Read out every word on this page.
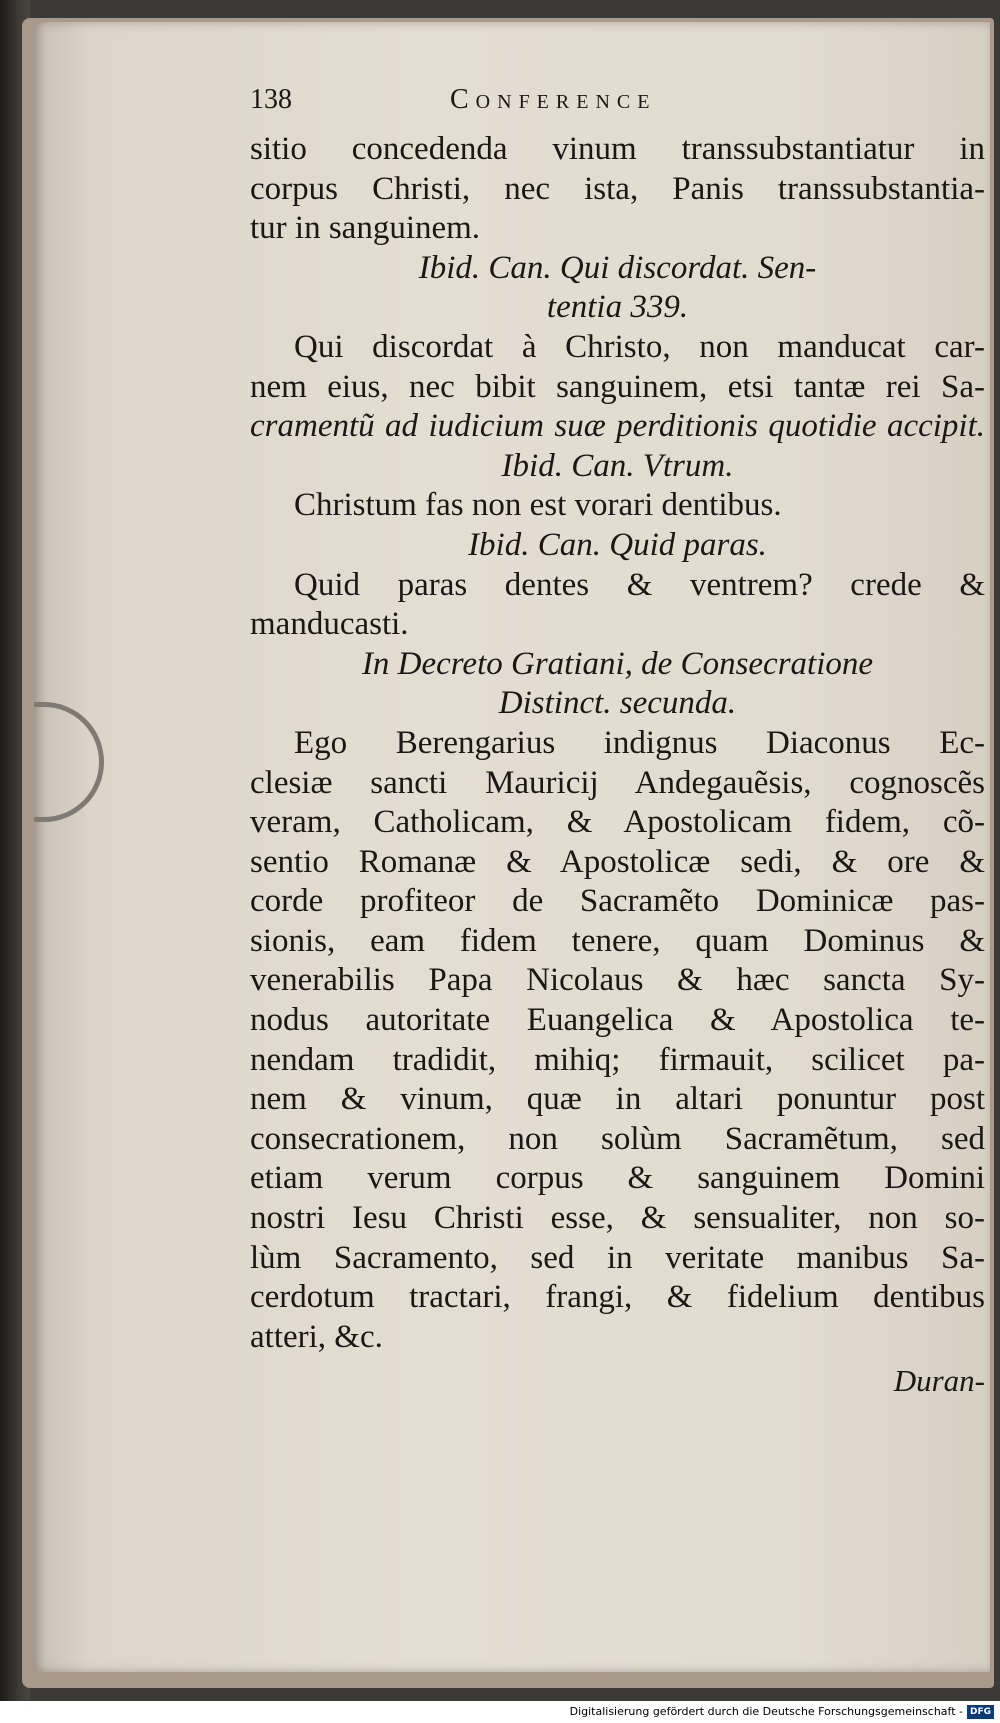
138	Conference
sitio concedenda vinum transsubstantiatur in
corpus Christi, nec ista, Panis transsubstantia-
tur in sanguinem.
Ibid. Can. Qui discordat. Sen-
tentia 339.
Qui discordat à Christo, non manducat car-
nem eius, nec bibit sanguinem, etsi tantæ rei Sa-
cramentũ ad iudicium suæ perditionis quotidie accipit.
Ibid. Can. Vtrum.
Christum fas non est vorari dentibus.
Ibid. Can. Quid paras.
Quid paras dentes & ventrem? crede &
manducasti.
In Decreto Gratiani, de Consecratione
Distinct. secunda.
Ego Berengarius indignus Diaconus Ec-
clesiæ sancti Mauricij Andegauẽsis, cognoscẽs
veram, Catholicam, & Apostolicam fidem, cõ-
sentio Romanæ & Apostolicæ sedi, & ore &
corde profiteor de Sacramẽto Dominicæ pas-
sionis, eam fidem tenere, quam Dominus &
venerabilis Papa Nicolaus & hæc sancta Sy-
nodus autoritate Euangelica & Apostolica te-
nendam tradidit, mihiq; firmauit, scilicet pa-
nem & vinum, quæ in altari ponuntur post
consecrationem, non solùm Sacramẽtum, sed
etiam verum corpus & sanguinem Domini
nostri Iesu Christi esse, & sensualiter, non so-
lùm Sacramento, sed in veritate manibus Sa-
cerdotum tractari, frangi, & fidelium dentibus
atteri, &c.
Duran-
Digitalisierung gefördert durch die Deutsche Forschungsgemeinschaft - DFG
